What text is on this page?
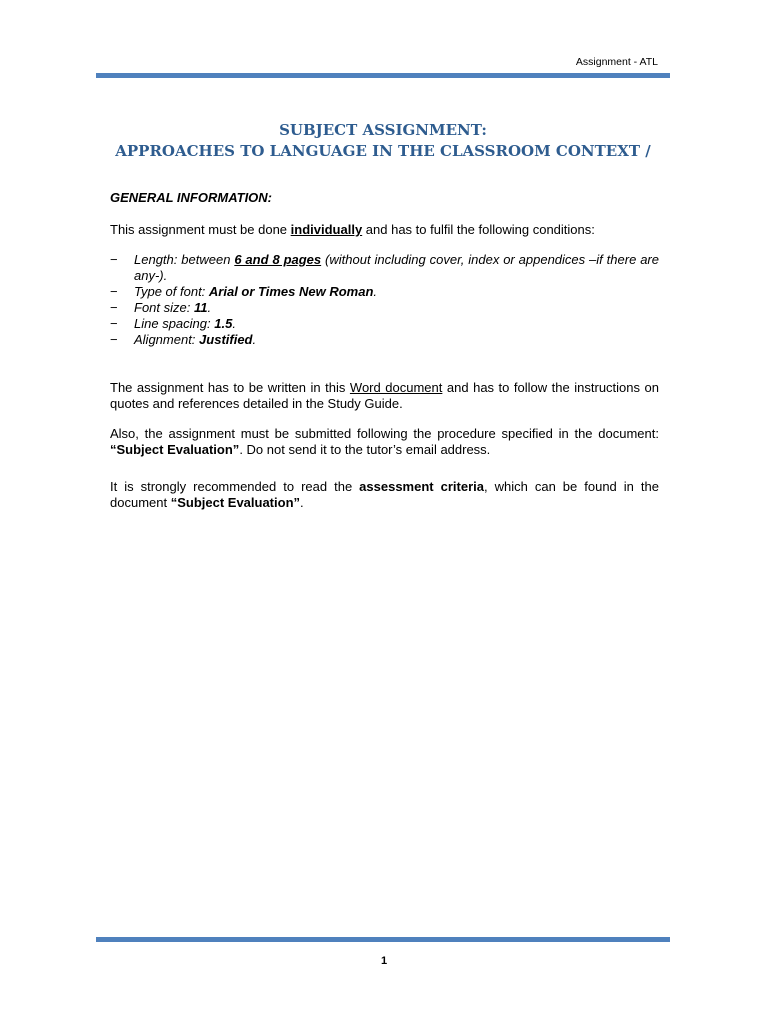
Assignment - ATL
SUBJECT ASSIGNMENT:
APPROACHES TO LANGUAGE IN THE CLASSROOM CONTEXT /
GENERAL INFORMATION:
This assignment must be done individually and has to fulfil the following conditions:
− Length: between 6 and 8 pages (without including cover, index or appendices –if there are any-).
− Type of font: Arial or Times New Roman.
− Font size: 11.
− Line spacing: 1.5.
− Alignment: Justified.
The assignment has to be written in this Word document and has to follow the instructions on quotes and references detailed in the Study Guide.
Also, the assignment must be submitted following the procedure specified in the document: “Subject Evaluation”. Do not send it to the tutor’s email address.
It is strongly recommended to read the assessment criteria, which can be found in the document “Subject Evaluation”.
1
